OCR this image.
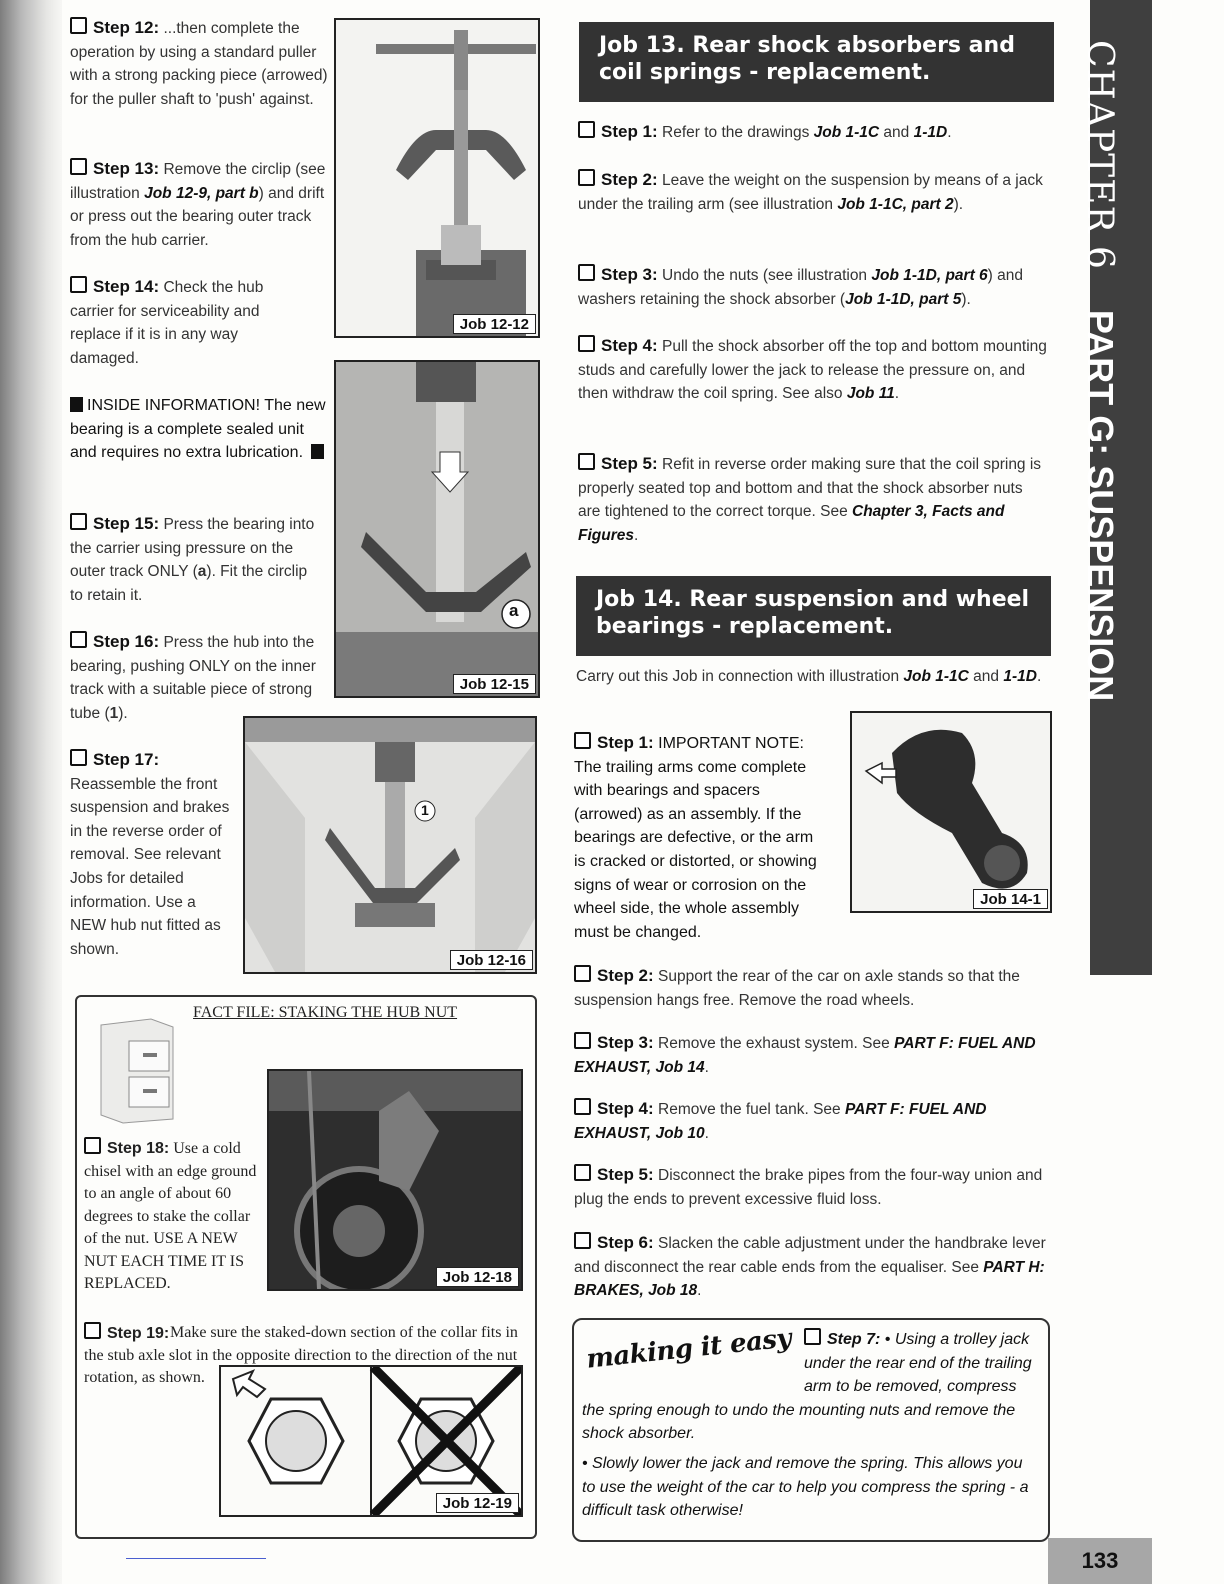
Step 12: ...then complete the operation by using a standard puller with a strong packing piece (arrowed) for the puller shaft to 'push' against.
Job 12-12
Step 13: Remove the circlip (see illustration Job 12-9, part b) and drift or press out the bearing outer track from the hub carrier.
Step 14: Check the hub carrier for serviceability and replace if it is in any way damaged.
INSIDE INFORMATION! The new bearing is a complete sealed unit and requires no extra lubrication.
a
Job 12-15
Step 15: Press the bearing into the carrier using pressure on the outer track ONLY (a). Fit the circlip to retain it.
Step 16: Press the hub into the bearing, pushing ONLY on the inner track with a suitable piece of strong tube (1).
Step 17:
Reassemble the front suspension and brakes in the reverse order of removal. See relevant Jobs for detailed information. Use a NEW hub nut fitted as shown.
1
Job 12-16
FACT FILE: STAKING THE HUB NUT
Job 12-18
Step 18: Use a cold chisel with an edge ground to an angle of about 60 degrees to stake the collar of the nut. USE A NEW NUT EACH TIME IT IS REPLACED.
Step 19: Make sure the staked-down section of the collar fits in the stub axle slot in the opposite direction to the direction of the nut rotation, as shown.
Job 12-19
Job 13. Rear shock absorbers and coil springs - replacement.
Step 1: Refer to the drawings Job 1-1C and 1-1D.
Step 2: Leave the weight on the suspension by means of a jack under the trailing arm (see illustration Job 1-1C, part 2).
Step 3: Undo the nuts (see illustration Job 1-1D, part 6) and washers retaining the shock absorber (Job 1-1D, part 5).
Step 4: Pull the shock absorber off the top and bottom mounting studs and carefully lower the jack to release the pressure on, and then withdraw the coil spring. See also Job 11.
Step 5: Refit in reverse order making sure that the coil spring is properly seated top and bottom and that the shock absorber nuts are tightened to the correct torque. See Chapter 3, Facts and Figures.
Job 14. Rear suspension and wheel bearings - replacement.
Carry out this Job in connection with illustration Job 1-1C and 1-1D.
Job 14-1
Step 1: IMPORTANT NOTE: The trailing arms come complete with bearings and spacers (arrowed) as an assembly. If the bearings are defective, or the arm is cracked or distorted, or showing signs of wear or corrosion on the wheel side, the whole assembly must be changed.
Step 2: Support the rear of the car on axle stands so that the suspension hangs free. Remove the road wheels.
Step 3: Remove the exhaust system. See PART F: FUEL AND EXHAUST, Job 14.
Step 4: Remove the fuel tank. See PART F: FUEL AND EXHAUST, Job 10.
Step 5: Disconnect the brake pipes from the four-way union and plug the ends to prevent excessive fluid loss.
Step 6: Slacken the cable adjustment under the handbrake lever and disconnect the rear cable ends from the equaliser. See PART H: BRAKES, Job 18.
making it easy	Step 7: • Using a trolley jack under the rear end of the trailing arm to be removed, compress the spring enough to undo the mounting nuts and remove the shock absorber.
• Slowly lower the jack and remove the spring. This allows you to use the weight of the car to help you compress the spring - a difficult task otherwise!
CHAPTER 6PART G: SUSPENSION
133
